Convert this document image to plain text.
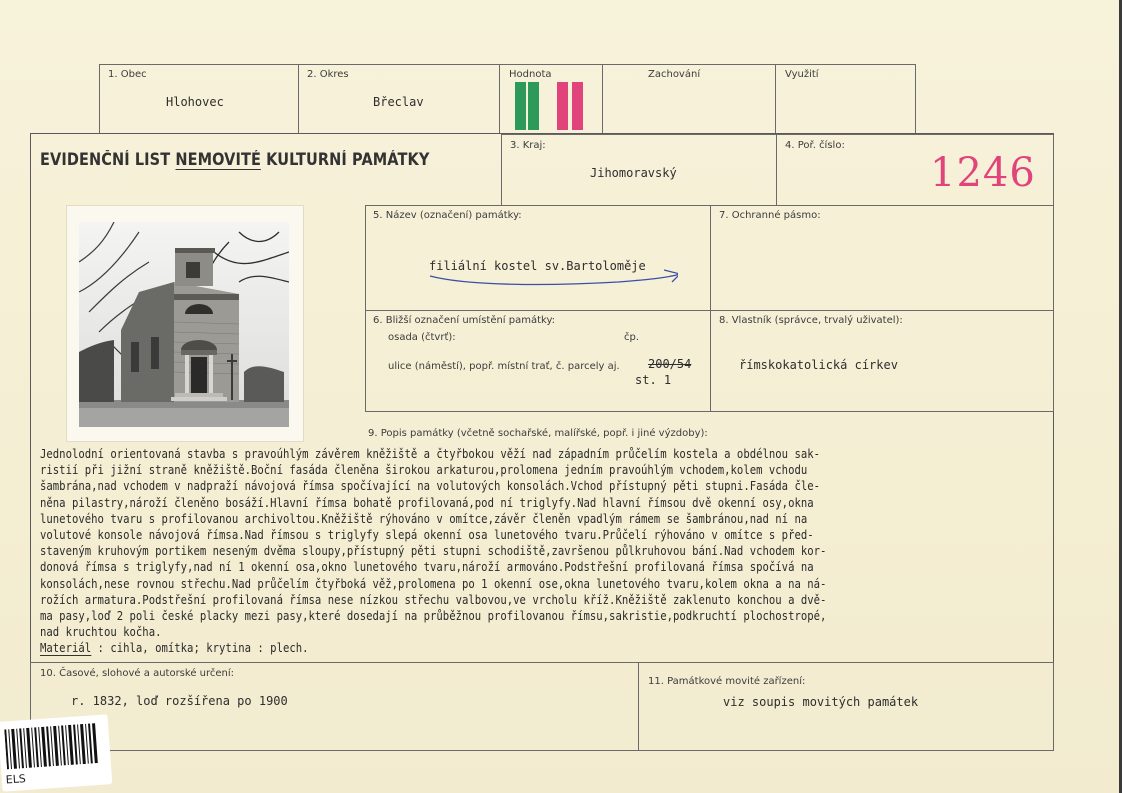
1. Obec
Hlohovec
2. Okres
Břeclav
Hodnota	Zachování	Využití
EVIDENČNÍ LIST NEMOVITÉ KULTURNÍ PAMÁTKY
3. Kraj:
Jihomoravský
4. Poř. číslo:
1246
5. Název (označení) památky:
filiální kostel sv.Bartoloměje
7. Ochranné pásmo:
6. Bližší označení umístění památky:
osada (čtvrť):	čp.
ulice (náměstí), popř. místní trať, č. parcely aj. 200/54
st. 1
8. Vlastník (správce, trvalý uživatel):
římskokatolická církev
9. Popis památky (včetně sochařské, malířské, popř. i jiné výzdoby):
Jednolodní orientovaná stavba s pravoúhlým závěrem kněžiště a čtyřbokou věží nad západním průčelím kostela a obdélnou sak-
ristií při jižní straně kněžiště.Boční fasáda členěna širokou arkaturou,prolomena jedním pravoúhlým vchodem,kolem vchodu
šambrána,nad vchodem v nadpraží návojová římsa spočívající na volutových konsolách.Vchod přístupný pěti stupni.Fasáda čle-
něna pilastry,nároží členěno bosáží.Hlavní římsa bohatě profilovaná,pod ní triglyfy.Nad hlavní římsou dvě okenní osy,okna
lunetového tvaru s profilovanou archivoltou.Kněžiště rýhováno v omítce,závěr členěn vpadlým rámem se šambránou,nad ní na
volutové konsole návojová římsa.Nad římsou s triglyfy slepá okenní osa lunetového tvaru.Průčelí rýhováno v omítce s před-
staveným kruhovým portikem neseným dvěma sloupy,přístupný pěti stupni schodiště,završenou půlkruhovou bání.Nad vchodem kor-
donová římsa s triglyfy,nad ní 1 okenní osa,okno lunetového tvaru,nároží armováno.Podstřešní profilovaná římsa spočívá na
konsolách,nese rovnou střechu.Nad průčelím čtyřboká věž,prolomena po 1 okenní ose,okna lunetového tvaru,kolem okna a na ná-
rožích armatura.Podstřešní profilovaná římsa nese nízkou střechu valbovou,ve vrcholu kříž.Kněžiště zaklenuto konchou a dvě-
ma pasy,loď 2 poli české placky mezi pasy,které dosedají na průběžnou profilovanou římsu,sakristie,podkruchtí plochostropé,
nad kruchtou kočha.
Materiál : cihla, omítka; krytina : plech.
10. Časové, slohové a autorské určení:
r. 1832, loď rozšířena po 1900
11. Památkové movité zařízení:
viz soupis movitých památek
ELS
